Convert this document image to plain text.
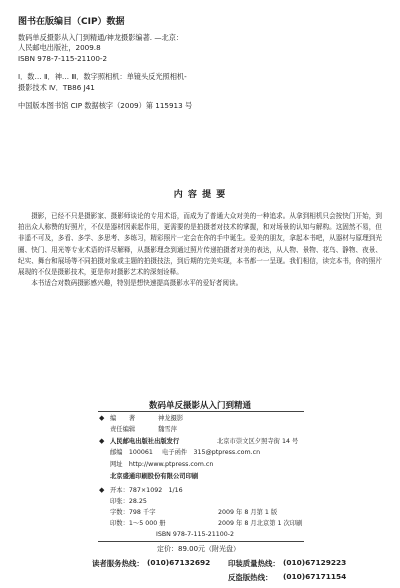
图书在版编目（CIP）数据
数码单反摄影从入门到精通/神龙摄影编著. —北京：
人民邮电出版社，2009.8
ISBN 978-7-115-21100-2
Ⅰ．数… Ⅱ．神… Ⅲ．数字照相机：单镜头反光照相机-
摄影技术 Ⅳ．TB86 J41
中国版本图书馆 CIP 数据核字（2009）第 115913 号
内 容 提 要

摄影，已经不只是摄影家、摄影师谈论的专用术语，而成为了普通大众对美的一种追求。从拿到相机只会按快门开始，到拍出众人称赞的好照片，不仅是器材因素起作用，更需要的是拍摄者对技术的掌握，和对场景的认知与解构。这固然不易，但非遥不可及，多看、多学、多思考、多练习，精彩照片一定会在你的手中诞生。爱美的朋友，拿起本书吧，从器材与原理到光圈、快门、用光等专业术语的详尽解释，从摄影理念到通过照片传递拍摄者对美的表达，从人物、景物、花鸟、静物、夜景、纪实、舞台和展场等不同拍摄对象或主题的拍摄技法，到后期的完美实现，本书都一一呈现。我们相信，读完本书，你的照片展现的不仅是摄影技术，更是你对摄影艺术的深刻诠释。

本书适合对数码摄影感兴趣，特别是想快速提高摄影水平的爱好者阅读。

数码单反摄影从入门到精通
◆ 编　　著	神龙摄影
责任编辑	魏雪萍
◆ 人民邮电出版社出版发行	北京市崇文区夕照寺街 14 号
邮编　100061 电子函件　315@ptpress.com.cn
网址　http://www.ptpress.com.cn
北京盛通印刷股份有限公司印刷
◆ 开本：787×1092　1/16
印张：28.25
字数：798 千字	2009 年 8 月第 1 版
印数：1～5 000 册	2009 年 8 月北京第 1 次印刷
ISBN 978-7-115-21100-2
定价：89.00元（附光盘）
读者服务热线： (010)67132692 印装质量热线： (010)67129223
反盗版热线： (010)67171154
